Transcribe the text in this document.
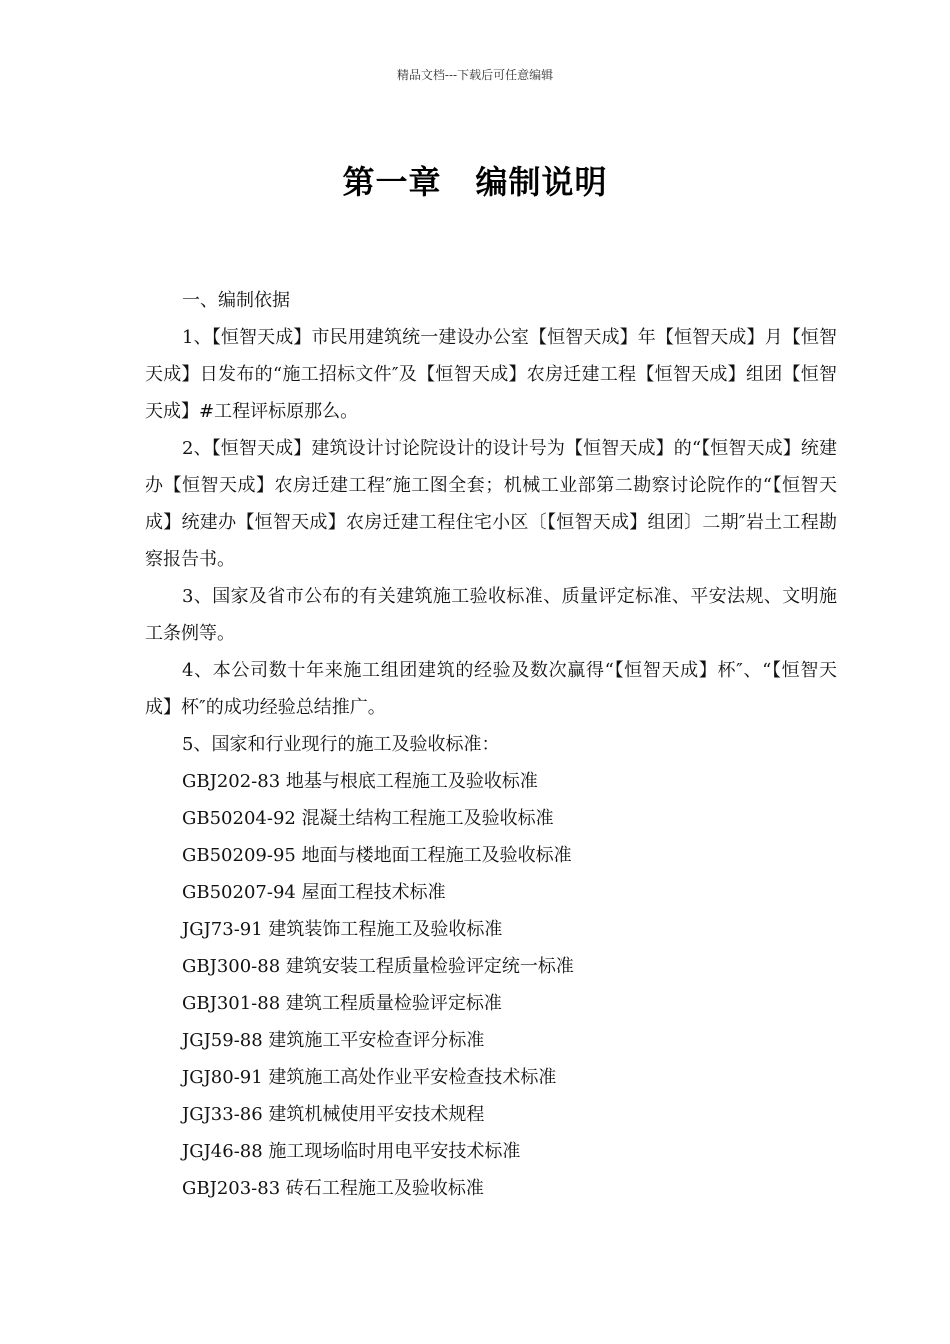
精品文档---下载后可任意编辑
第一章 编制说明

一、编制依据

1、【恒智天成】市民用建筑统一建设办公室【恒智天成】年【恒智天成】月【恒智天成】日发布的“施工招标文件″及【恒智天成】农房迁建工程【恒智天成】组团【恒智天成】#工程评标原那么。

2、【恒智天成】建筑设计讨论院设计的设计号为【恒智天成】的“【恒智天成】统建办【恒智天成】农房迁建工程″施工图全套；机械工业部第二勘察讨论院作的“【恒智天成】统建办【恒智天成】农房迁建工程住宅小区〔【恒智天成】组团〕二期″岩土工程勘察报告书。

3、国家及省市公布的有关建筑施工验收标准、质量评定标准、平安法规、文明施工条例等。

4、本公司数十年来施工组团建筑的经验及数次赢得“【恒智天成】杯″、“【恒智天成】杯″的成功经验总结推广。

5、国家和行业现行的施工及验收标准：

GBJ202-83 地基与根底工程施工及验收标准

GB50204-92 混凝土结构工程施工及验收标准

GB50209-95 地面与楼地面工程施工及验收标准

GB50207-94 屋面工程技术标准

JGJ73-91 建筑装饰工程施工及验收标准

GBJ300-88 建筑安装工程质量检验评定统一标准

GBJ301-88 建筑工程质量检验评定标准

JGJ59-88 建筑施工平安检查评分标准

JGJ80-91 建筑施工高处作业平安检查技术标准

JGJ33-86 建筑机械使用平安技术规程

JGJ46-88 施工现场临时用电平安技术标准

GBJ203-83 砖石工程施工及验收标准
